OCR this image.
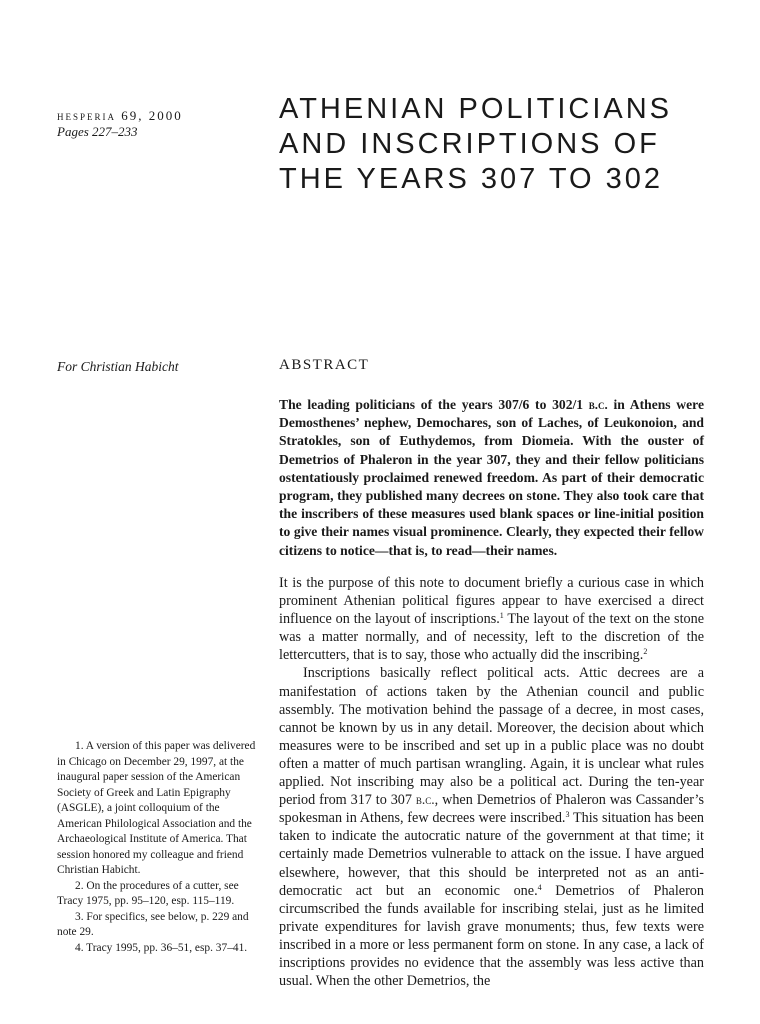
hesperia 69, 2000
Pages 227–233
ATHENIAN POLITICIANS
AND INSCRIPTIONS OF
THE YEARS 307 TO 302
For Christian Habicht	ABSTRACT

The leading politicians of the years 307/6 to 302/1 b.c. in Athens were Demosthenes’ nephew, Demochares, son of Laches, of Leukonoion, and Stratokles, son of Euthydemos, from Diomeia. With the ouster of Demetrios of Phaleron in the year 307, they and their fellow politicians ostentatiously proclaimed renewed freedom. As part of their democratic program, they published many decrees on stone. They also took care that the inscribers of these measures used blank spaces or line-initial position to give their names visual prominence. Clearly, they expected their fellow citizens to notice—that is, to read—their names.

It is the purpose of this note to document briefly a curious case in which prominent Athenian political figures appear to have exercised a direct influence on the layout of inscriptions.$^1$ The layout of the text on the stone was a matter normally, and of necessity, left to the discretion of the lettercutters, that is to say, those who actually did the inscribing.$^2$

Inscriptions basically reflect political acts. Attic decrees are a manifestation of actions taken by the Athenian council and public assembly. The motivation behind the passage of a decree, in most cases, cannot be known by us in any detail. Moreover, the decision about which measures were to be inscribed and set up in a public place was no doubt often a matter of much partisan wrangling. Again, it is unclear what rules applied. Not inscribing may also be a political act. During the ten-year period from 317 to 307 b.c., when Demetrios of Phaleron was Cassander’s spokesman in Athens, few decrees were inscribed.$^3$ This situation has been taken to indicate the autocratic nature of the government at that time; it certainly made Demetrios vulnerable to attack on the issue. I have argued elsewhere, however, that this should be interpreted not as an anti-democratic act but an economic one.$^4$ Demetrios of Phaleron circumscribed the funds available for inscribing stelai, just as he limited private expenditures for lavish grave monuments; thus, few texts were inscribed in a more or less permanent form on stone. In any case, a lack of inscriptions provides no evidence that the assembly was less active than usual. When the other Demetrios, the

1. A version of this paper was delivered in Chicago on December 29, 1997, at the inaugural paper session of the American Society of Greek and Latin Epigraphy (ASGLE), a joint colloquium of the American Philological Association and the Archaeological Institute of America. That session honored my colleague and friend Christian Habicht.
2. On the procedures of a cutter, see Tracy 1975, pp. 95–120, esp. 115–119.
3. For specifics, see below, p. 229 and note 29.
4. Tracy 1995, pp. 36–51, esp. 37–41.
